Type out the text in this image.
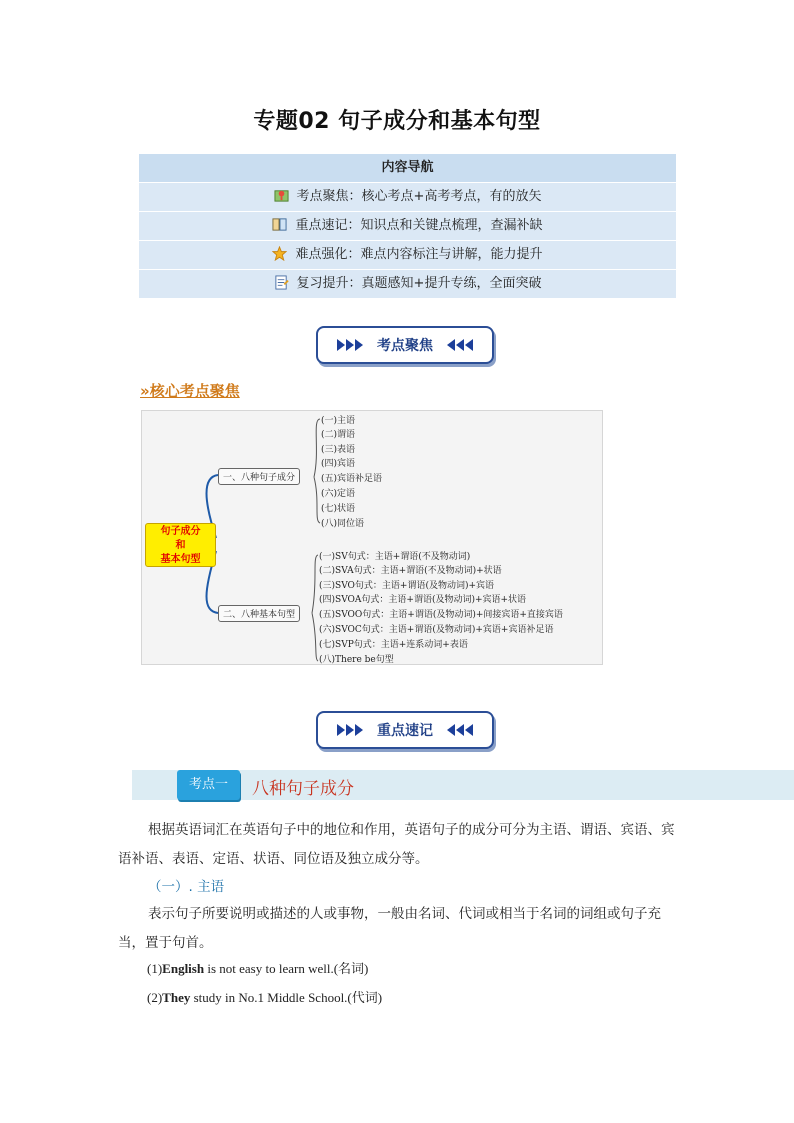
专题02 句子成分和基本句型
内容导航
考点聚焦：核心考点+高考考点，有的放矢
重点速记：知识点和关键点梳理，查漏补缺
难点强化：难点内容标注与讲解，能力提升
复习提升：真题感知+提升专练，全面突破
考点聚焦
»核心考点聚焦
句子成分
和
基本句型
一、八种句子成分
二、八种基本句型
(一)主语
(二)谓语
(三)表语
(四)宾语
(五)宾语补足语
(六)定语
(七)状语
(八)同位语
(一)SV句式：主语+谓语(不及物动词)
(二)SVA句式：主语+谓语(不及物动词)+状语
(三)SVO句式：主语+谓语(及物动词)+宾语
(四)SVOA句式：主语+谓语(及物动词)+宾语+状语
(五)SVOO句式：主语+谓语(及物动词)+间接宾语+直接宾语
(六)SVOC句式：主语+谓语(及物动词)+宾语+宾语补足语
(七)SVP句式：主语+连系动词+表语
(八)There be句型
重点速记
考点一	八种句子成分
根据英语词汇在英语句子中的地位和作用，英语句子的成分可分为主语、谓语、宾语、宾语补语、表语、定语、状语、同位语及独立成分等。
（一）. 主语
表示句子所要说明或描述的人或事物，一般由名词、代词或相当于名词的词组或句子充当，置于句首。
(1)English is not easy to learn well.(名词)
(2)They study in No.1 Middle School.(代词)
